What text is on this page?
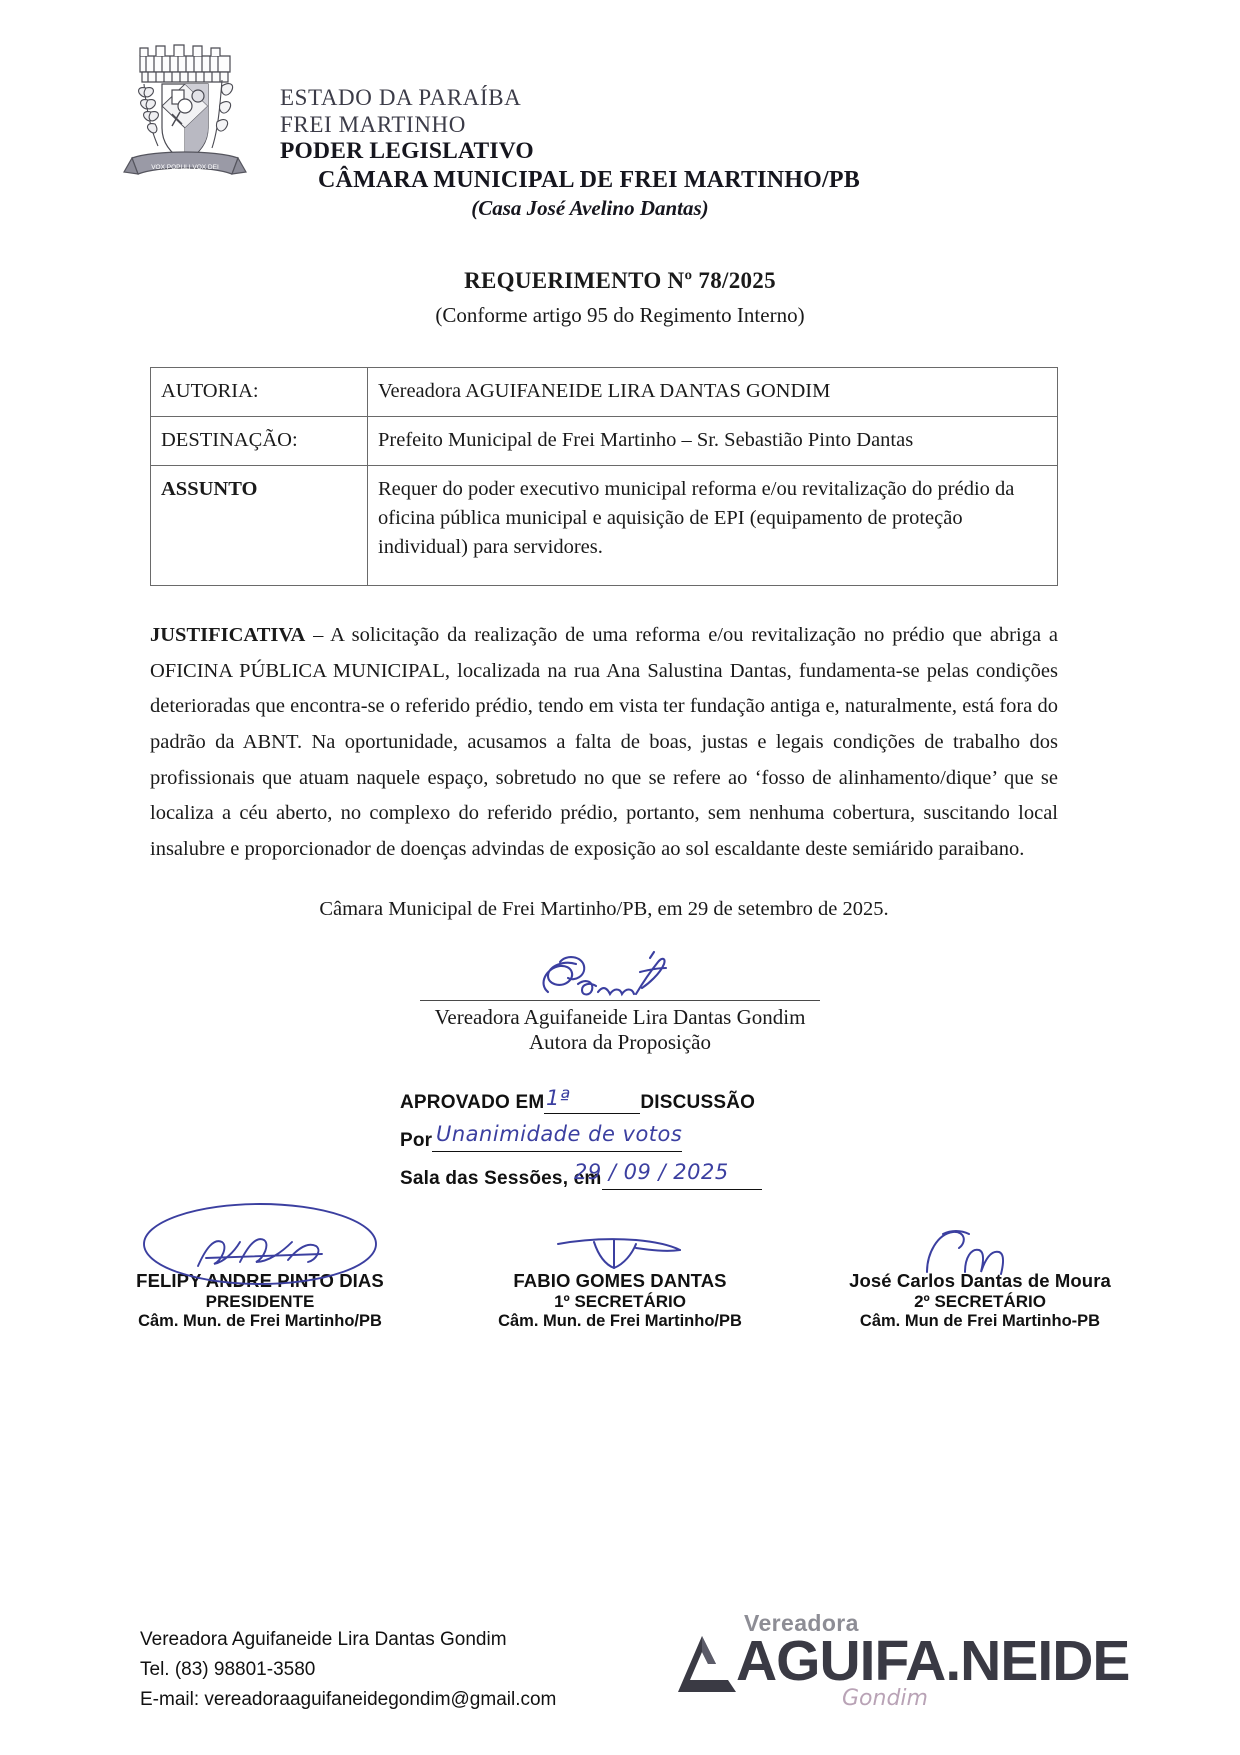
VOX POPULI VOX DEI
ESTADO DA PARAÍBA
FREI MARTINHO
PODER LEGISLATIVO
CÂMARA MUNICIPAL DE FREI MARTINHO/PB
(Casa José Avelino Dantas)
REQUERIMENTO Nº 78/2025
(Conforme artigo 95 do Regimento Interno)
AUTORIA:	Vereadora AGUIFANEIDE LIRA DANTAS GONDIM
DESTINAÇÃO:	Prefeito Municipal de Frei Martinho – Sr. Sebastião Pinto Dantas
ASSUNTO	Requer do poder executivo municipal reforma e/ou revitalização do prédio da oficina pública municipal e aquisição de EPI (equipamento de proteção individual) para servidores.
JUSTIFICATIVA – A solicitação da realização de uma reforma e/ou revitalização no prédio que abriga a OFICINA PÚBLICA MUNICIPAL, localizada na rua Ana Salustina Dantas, fundamenta-se pelas condições deterioradas que encontra-se o referido prédio, tendo em vista ter fundação antiga e, naturalmente, está fora do padrão da ABNT. Na oportunidade, acusamos a falta de boas, justas e legais condições de trabalho dos profissionais que atuam naquele espaço, sobretudo no que se refere ao ‘fosso de alinhamento/dique’ que se localiza a céu aberto, no complexo do referido prédio, portanto, sem nenhuma cobertura, suscitando local insalubre e proporcionador de doenças advindas de exposição ao sol escaldante deste semiárido paraibano.
Câmara Municipal de Frei Martinho/PB, em 29 de setembro de 2025.
Vereadora Aguifaneide Lira Dantas Gondim
Autora da Proposição
APROVADO EM	DISCUSSÃO
1ª
Por Unanimidade de votos
Sala das Sessões, em
29 / 09 / 2025
FELIPY ANDRE PINTO DIAS
PRESIDENTE
Câm. Mun. de Frei Martinho/PB
FABIO GOMES DANTAS
1º SECRETÁRIO
Câm. Mun. de Frei Martinho/PB
José Carlos Dantas de Moura
2º SECRETÁRIO
Câm. Mun de Frei Martinho-PB
Vereadora Aguifaneide Lira Dantas Gondim
Tel. (83) 98801-3580
E-mail: vereadoraaguifaneidegondim@gmail.com
Vereadora
AGUIFA.NEIDE
Gondim
